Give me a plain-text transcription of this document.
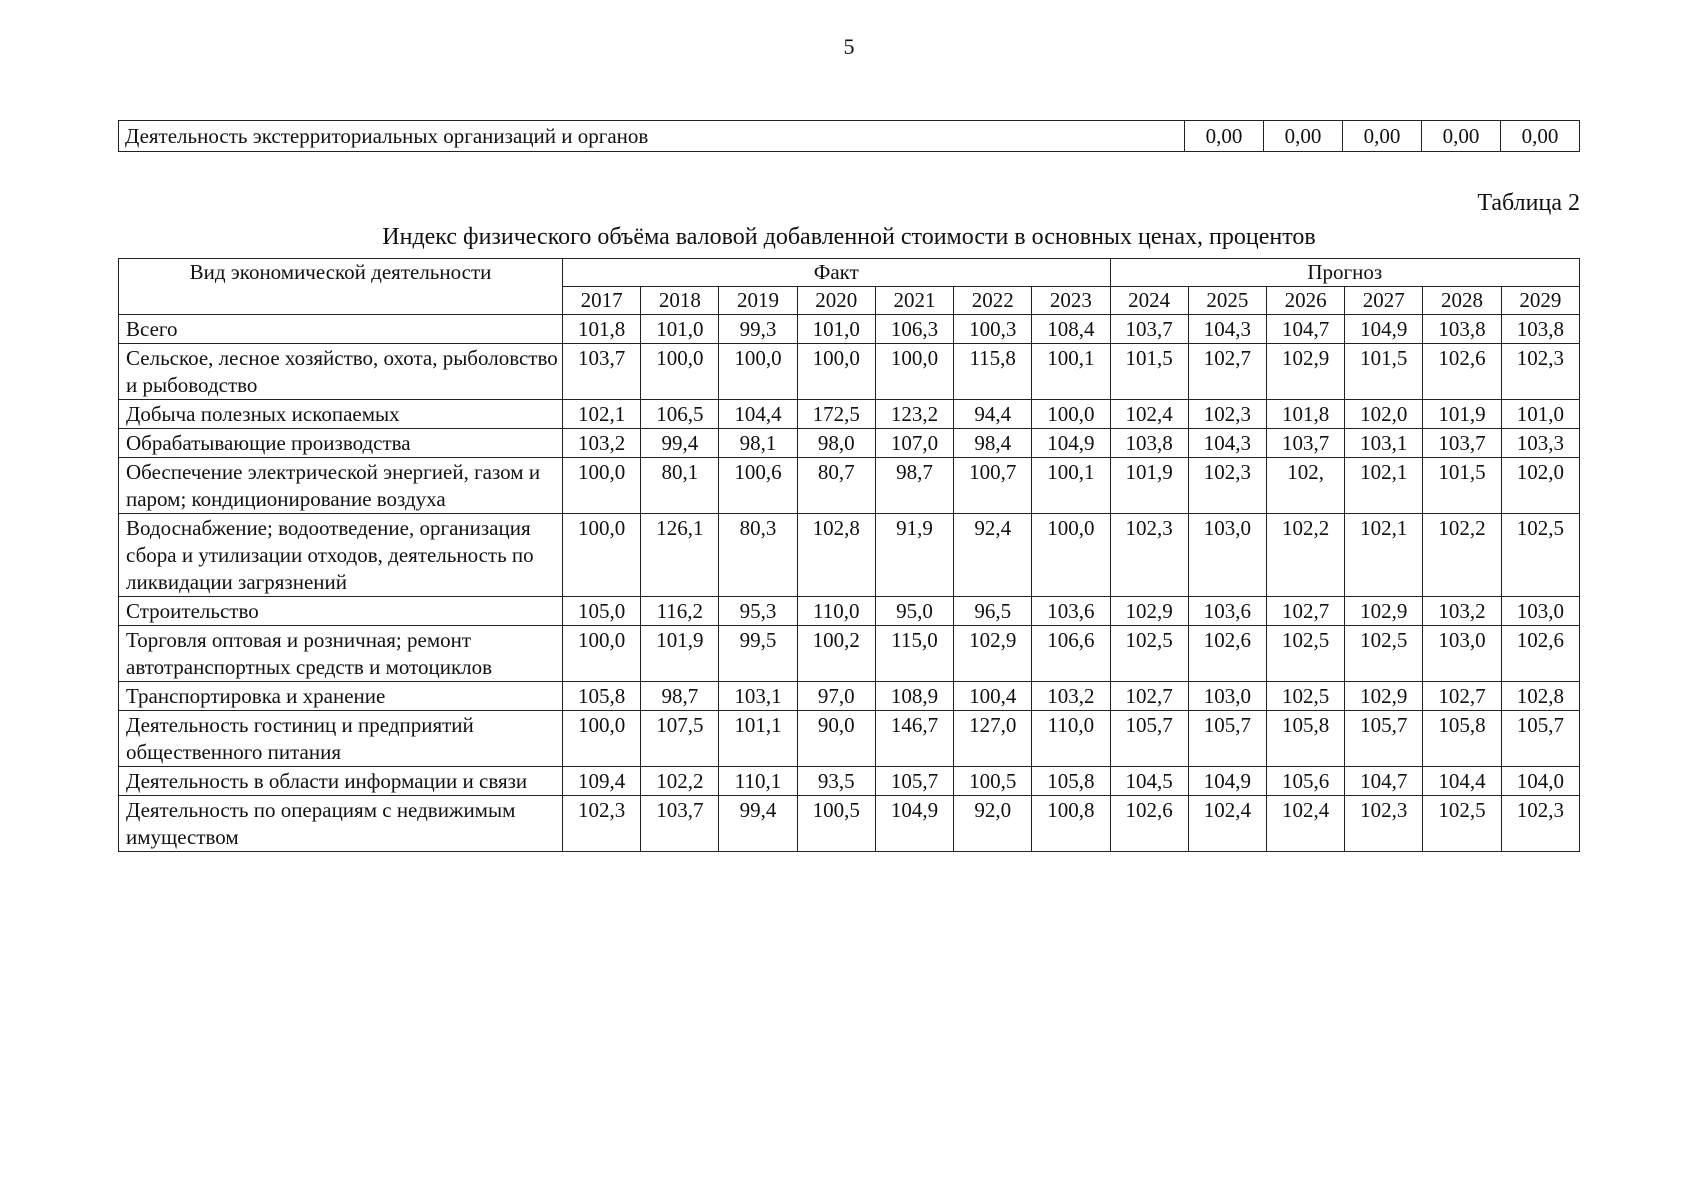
5
Деятельность экстерриториальных организаций и органов	0,00	0,00	0,00	0,00	0,00
Таблица 2
Индекс физического объёма валовой добавленной стоимости в основных ценах, процентов
Вид экономической деятельности	Факт							Прогноз					
	2017	2018	2019	2020	2021	2022	2023	2024	2025	2026	2027	2028	2029
Всего	101,8	101,0	99,3	101,0	106,3	100,3	108,4	103,7	104,3	104,7	104,9	103,8	103,8
Сельское, лесное хозяйство, охота, рыболовство и рыбоводство	103,7	100,0	100,0	100,0	100,0	115,8	100,1	101,5	102,7	102,9	101,5	102,6	102,3
Добыча полезных ископаемых	102,1	106,5	104,4	172,5	123,2	94,4	100,0	102,4	102,3	101,8	102,0	101,9	101,0
Обрабатывающие производства	103,2	99,4	98,1	98,0	107,0	98,4	104,9	103,8	104,3	103,7	103,1	103,7	103,3
Обеспечение электрической энергией, газом и паром; кондиционирование воздуха	100,0	80,1	100,6	80,7	98,7	100,7	100,1	101,9	102,3	102,	102,1	101,5	102,0
Водоснабжение; водоотведение, организация сбора и утилизации отходов, деятельность по ликвидации загрязнений	100,0	126,1	80,3	102,8	91,9	92,4	100,0	102,3	103,0	102,2	102,1	102,2	102,5
Строительство	105,0	116,2	95,3	110,0	95,0	96,5	103,6	102,9	103,6	102,7	102,9	103,2	103,0
Торговля оптовая и розничная; ремонт автотранспортных средств и мотоциклов	100,0	101,9	99,5	100,2	115,0	102,9	106,6	102,5	102,6	102,5	102,5	103,0	102,6
Транспортировка и хранение	105,8	98,7	103,1	97,0	108,9	100,4	103,2	102,7	103,0	102,5	102,9	102,7	102,8
Деятельность гостиниц и предприятий общественного питания	100,0	107,5	101,1	90,0	146,7	127,0	110,0	105,7	105,7	105,8	105,7	105,8	105,7
Деятельность в области информации и связи	109,4	102,2	110,1	93,5	105,7	100,5	105,8	104,5	104,9	105,6	104,7	104,4	104,0
Деятельность по операциям с недвижимым имуществом	102,3	103,7	99,4	100,5	104,9	92,0	100,8	102,6	102,4	102,4	102,3	102,5	102,3
